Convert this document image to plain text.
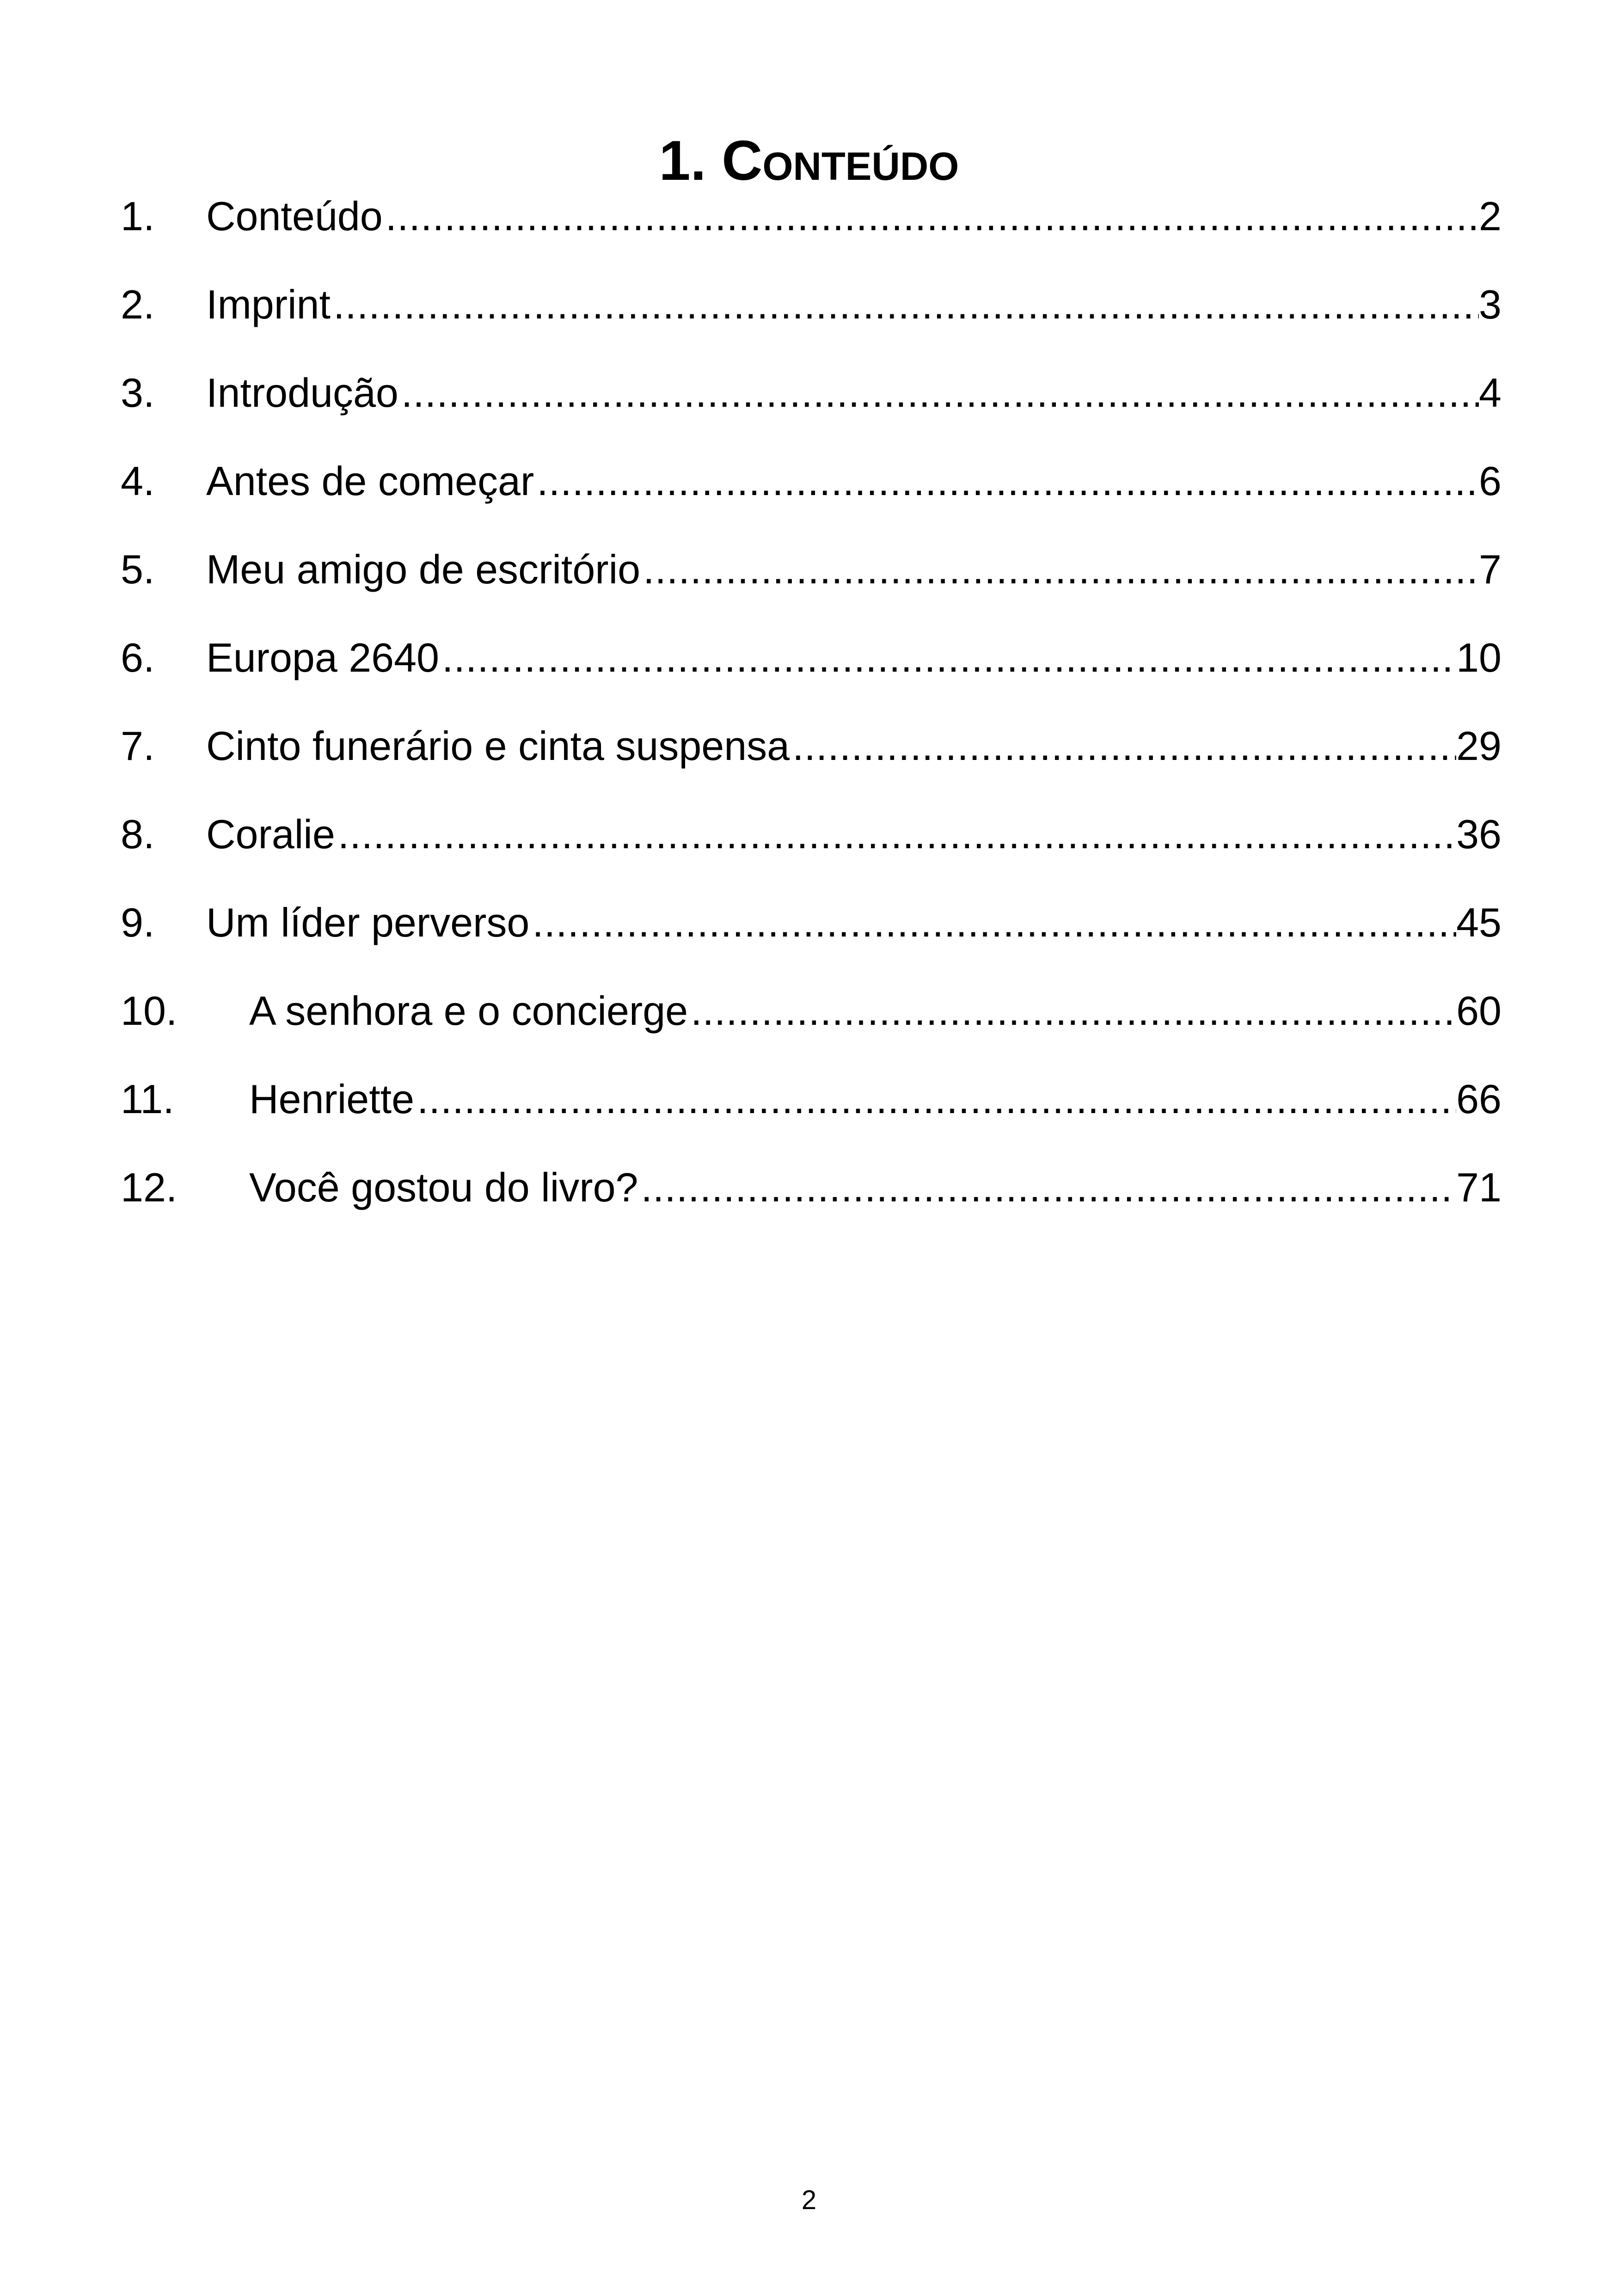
1. Conteúdo
1.	Conteúdo .....	2
2.	Imprint .....	3
3.	Introdução .....	4
4.	Antes de começar .....	6
5.	Meu amigo de escritório .....	7
6.	Europa 2640 .....	10
7.	Cinto funerário e cinta suspensa .....	29
8.	Coralie .....	36
9.	Um líder perverso .....	45
10.	A senhora e o concierge .....	60
11.	Henriette .....	66
12.	Você gostou do livro? .....	71
2
